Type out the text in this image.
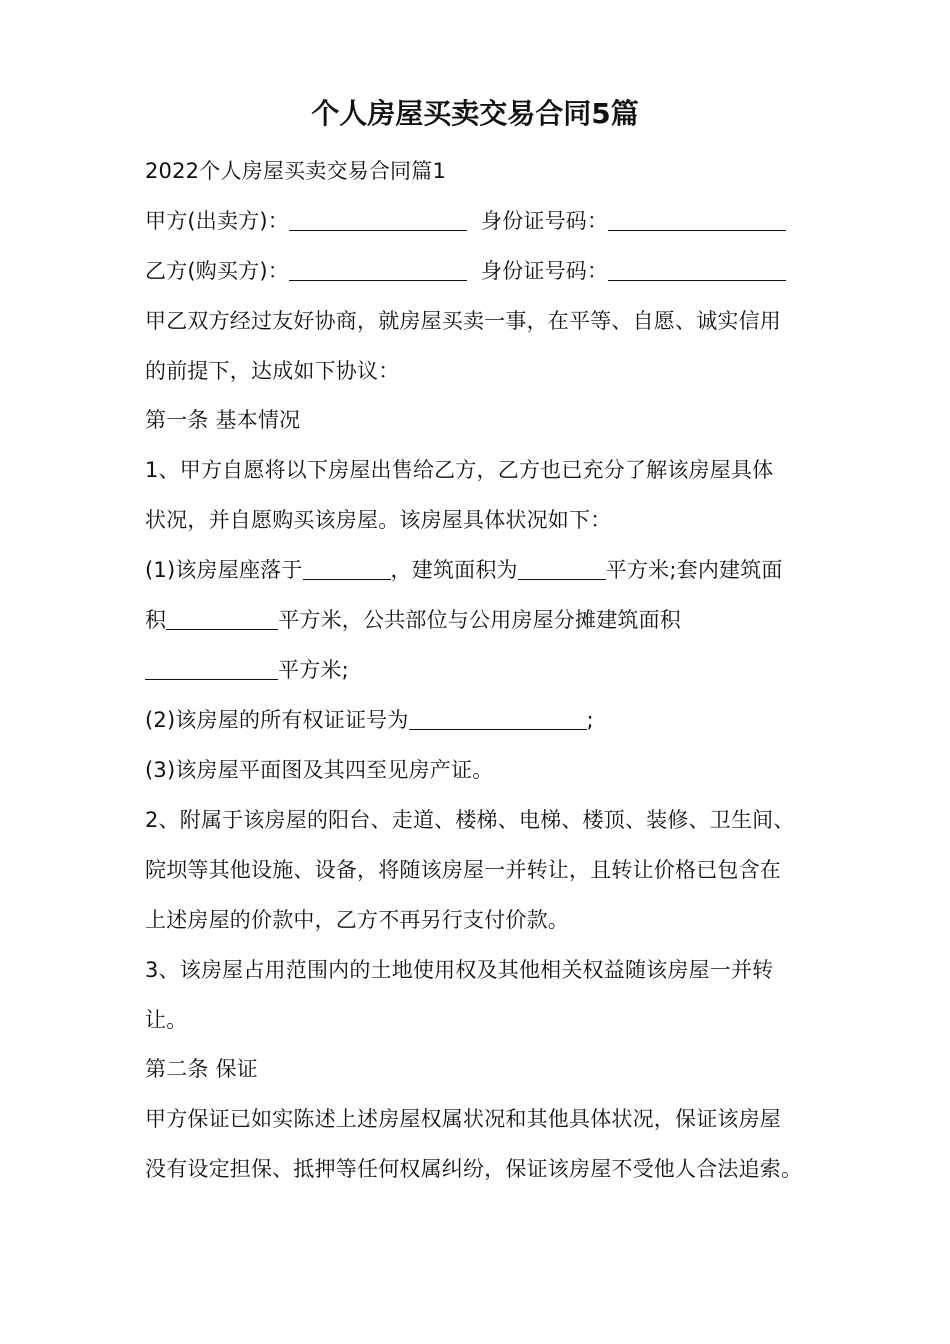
个人房屋买卖交易合同5篇
2022个人房屋买卖交易合同篇1
甲方(出卖方)：	身份证号码：
乙方(购买方)：	身份证号码：
甲乙双方经过友好协商，就房屋买卖一事，在平等、自愿、诚实信用
的前提下，达成如下协议：
第一条 基本情况
1、甲方自愿将以下房屋出售给乙方，乙方也已充分了解该房屋具体
状况，并自愿购买该房屋。该房屋具体状况如下：
(1)该房屋座落于	，建筑面积为	平方米;套内建筑面
积	平方米，公共部位与公用房屋分摊建筑面积
平方米;
(2)该房屋的所有权证证号为	;
(3)该房屋平面图及其四至见房产证。
2、附属于该房屋的阳台、走道、楼梯、电梯、楼顶、装修、卫生间、
院坝等其他设施、设备，将随该房屋一并转让，且转让价格已包含在
上述房屋的价款中，乙方不再另行支付价款。
3、该房屋占用范围内的土地使用权及其他相关权益随该房屋一并转
让。
第二条 保证
甲方保证已如实陈述上述房屋权属状况和其他具体状况，保证该房屋
没有设定担保、抵押等任何权属纠纷，保证该房屋不受他人合法追索。
